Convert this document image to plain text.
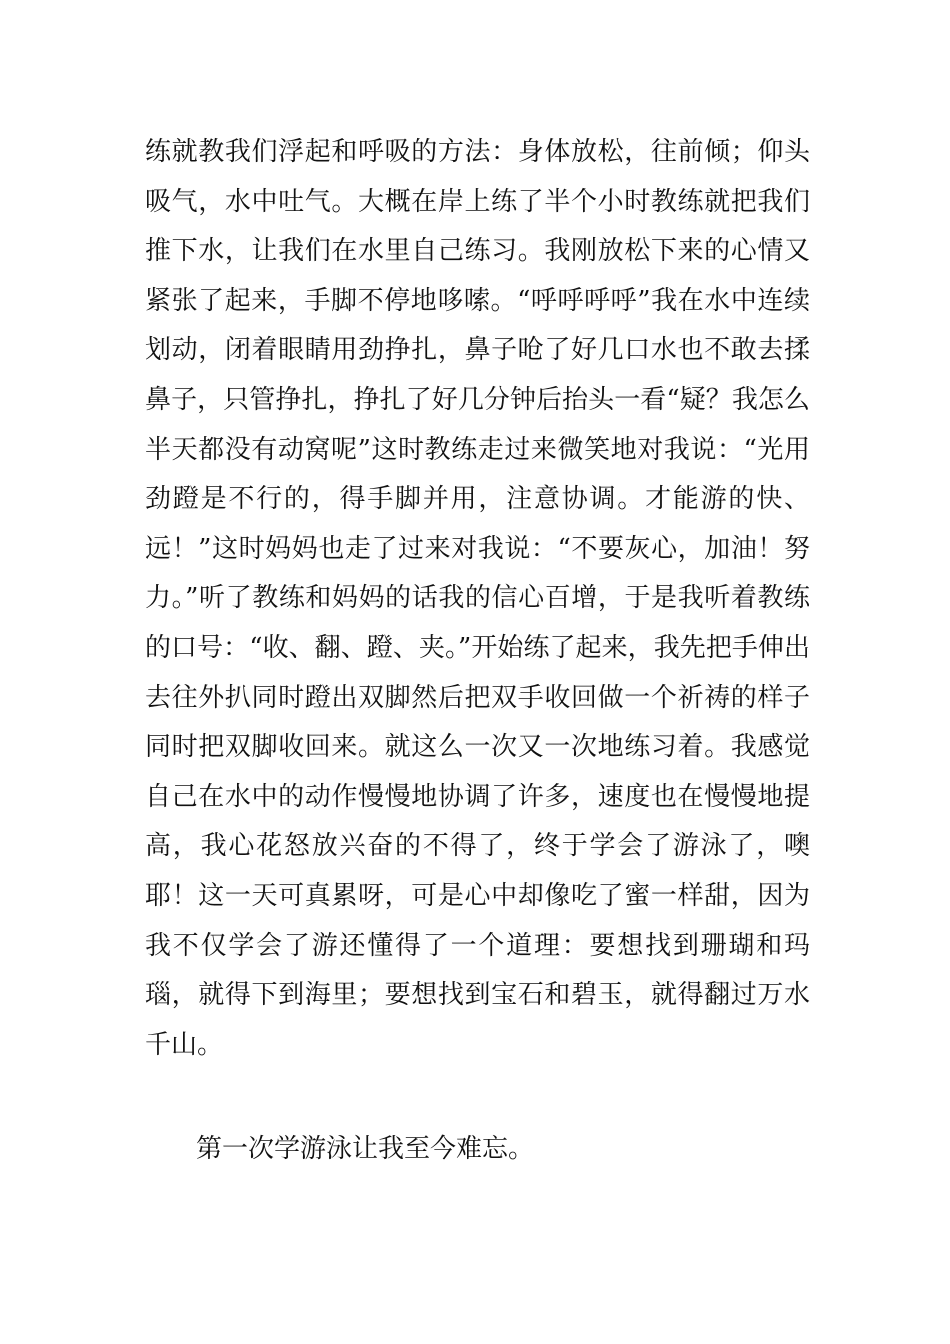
练就教我们浮起和呼吸的方法：身体放松，往前倾；仰头吸气，水中吐气。大概在岸上练了半个小时教练就把我们推下水，让我们在水里自己练习。我刚放松下来的心情又紧张了起来，手脚不停地哆嗦。“呼呼呼呼”我在水中连续划动，闭着眼睛用劲挣扎，鼻子呛了好几口水也不敢去揉鼻子，只管挣扎，挣扎了好几分钟后抬头一看“疑？我怎么半天都没有动窝呢”这时教练走过来微笑地对我说：“光用劲蹬是不行的，得手脚并用，注意协调。才能游的快、远！”这时妈妈也走了过来对我说：“不要灰心，加油！努力。”听了教练和妈妈的话我的信心百增，于是我听着教练的口号：“收、翻、蹬、夹。”开始练了起来，我先把手伸出去往外扒同时蹬出双脚然后把双手收回做一个祈祷的样子同时把双脚收回来。就这么一次又一次地练习着。我感觉自己在水中的动作慢慢地协调了许多，速度也在慢慢地提高，我心花怒放兴奋的不得了，终于学会了游泳了，噢耶！这一天可真累呀，可是心中却像吃了蜜一样甜，因为我不仅学会了游还懂得了一个道理：要想找到珊瑚和玛瑙，就得下到海里；要想找到宝石和碧玉，就得翻过万水千山。

第一次学游泳让我至今难忘。
